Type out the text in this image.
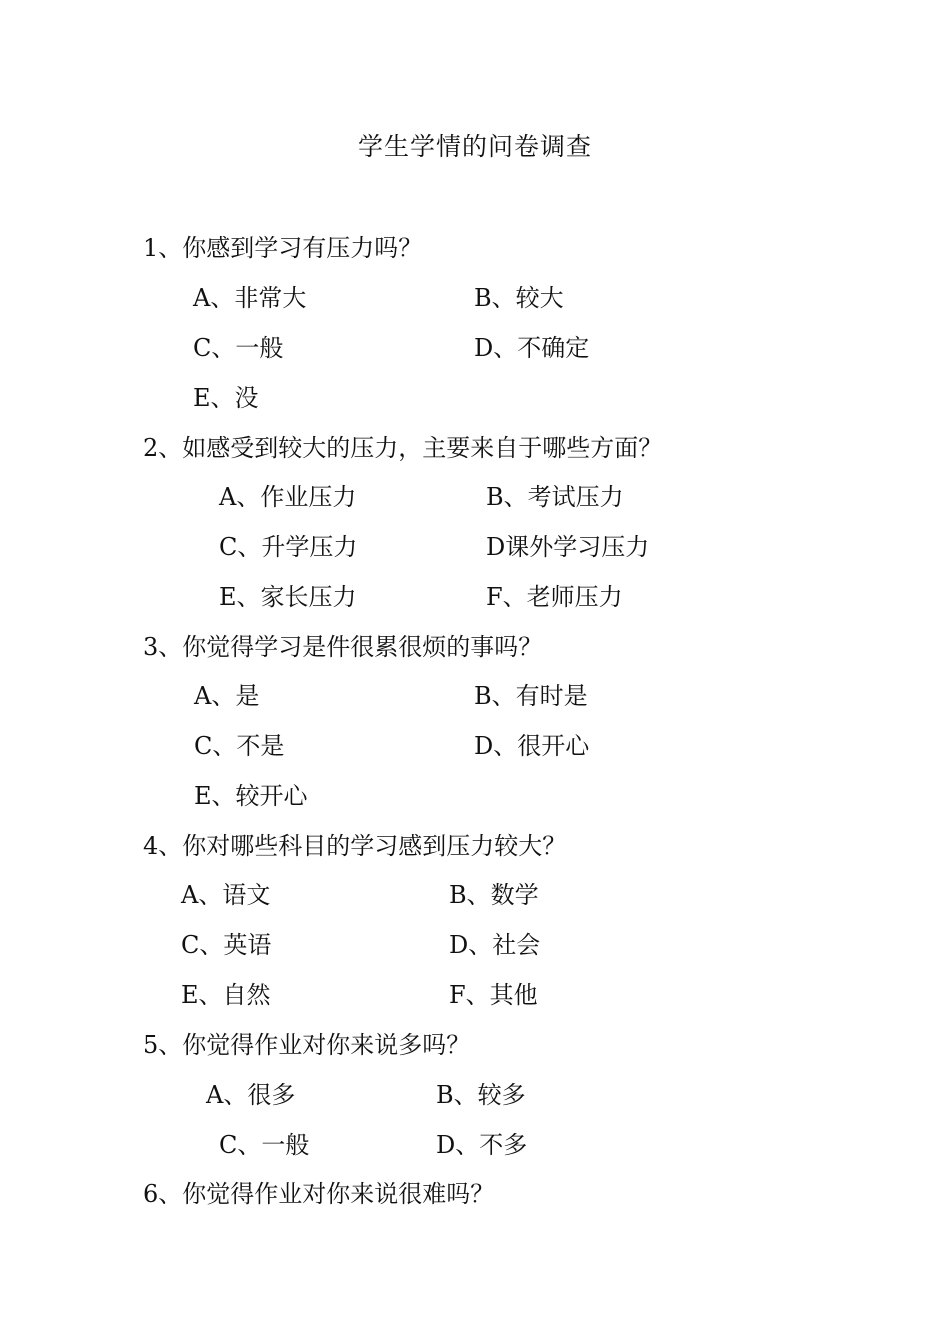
学生学情的问卷调查
1、你感到学习有压力吗？
A、非常大	B、较大
C、一般	D、不确定
E、没
2、如感受到较大的压力，主要来自于哪些方面？
A、作业压力	B、考试压力
C、升学压力	D课外学习压力
E、家长压力	F、老师压力
3、你觉得学习是件很累很烦的事吗？
A、是	B、有时是
C、不是	D、很开心
E、较开心
4、你对哪些科目的学习感到压力较大？
A、语文	B、数学
C、英语	D、社会
E、自然	F、其他
5、你觉得作业对你来说多吗？
A、很多	B、较多
C、一般	D、不多
6、你觉得作业对你来说很难吗？
